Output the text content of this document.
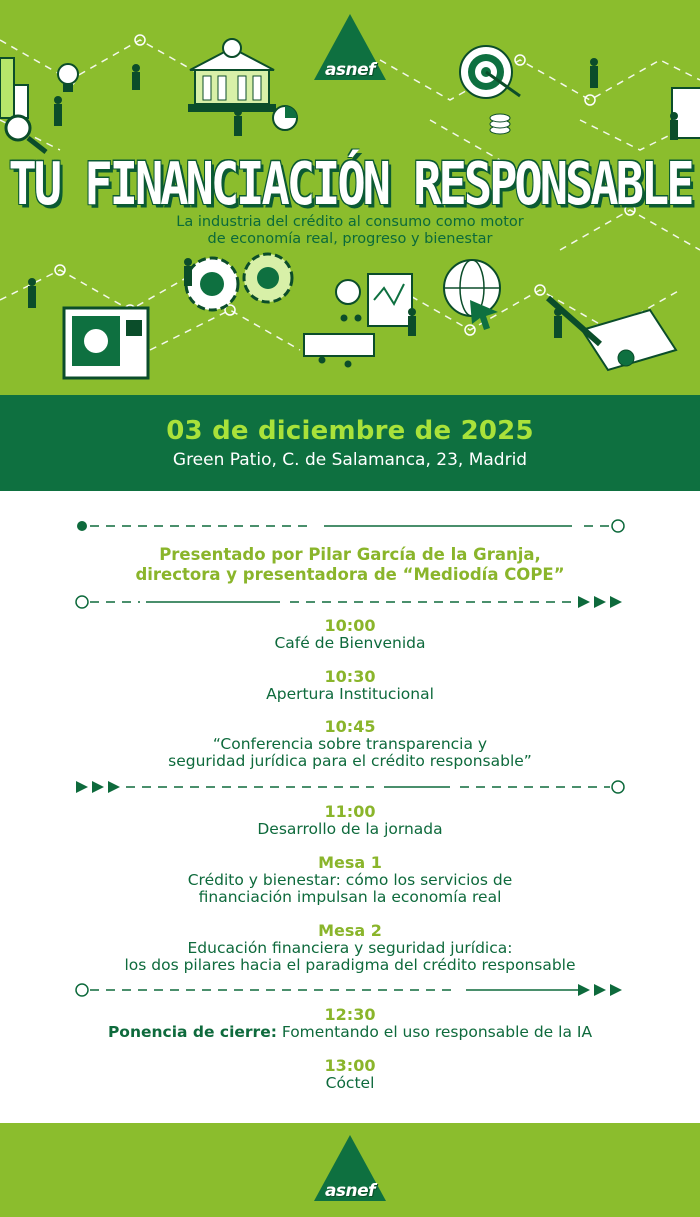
asnef
TU FINANCIACIÓN RESPONSABLE
La industria del crédito al consumo como motor
de economía real, progreso y bienestar
03 de diciembre de 2025
Green Patio, C. de Salamanca, 23, Madrid
Presentado por Pilar García de la Granja,
directora y presentadora de “Mediodía COPE”
10:00
Café de Bienvenida
10:30
Apertura Institucional
10:45
“Conferencia sobre transparencia y
seguridad jurídica para el crédito responsable”
11:00
Desarrollo de la jornada
Mesa 1
Crédito y bienestar: cómo los servicios de
financiación impulsan la economía real
Mesa 2
Educación financiera y seguridad jurídica:
los dos pilares hacia el paradigma del crédito responsable
12:30
Ponencia de cierre: Fomentando el uso responsable de la IA
13:00
Cóctel
asnef
